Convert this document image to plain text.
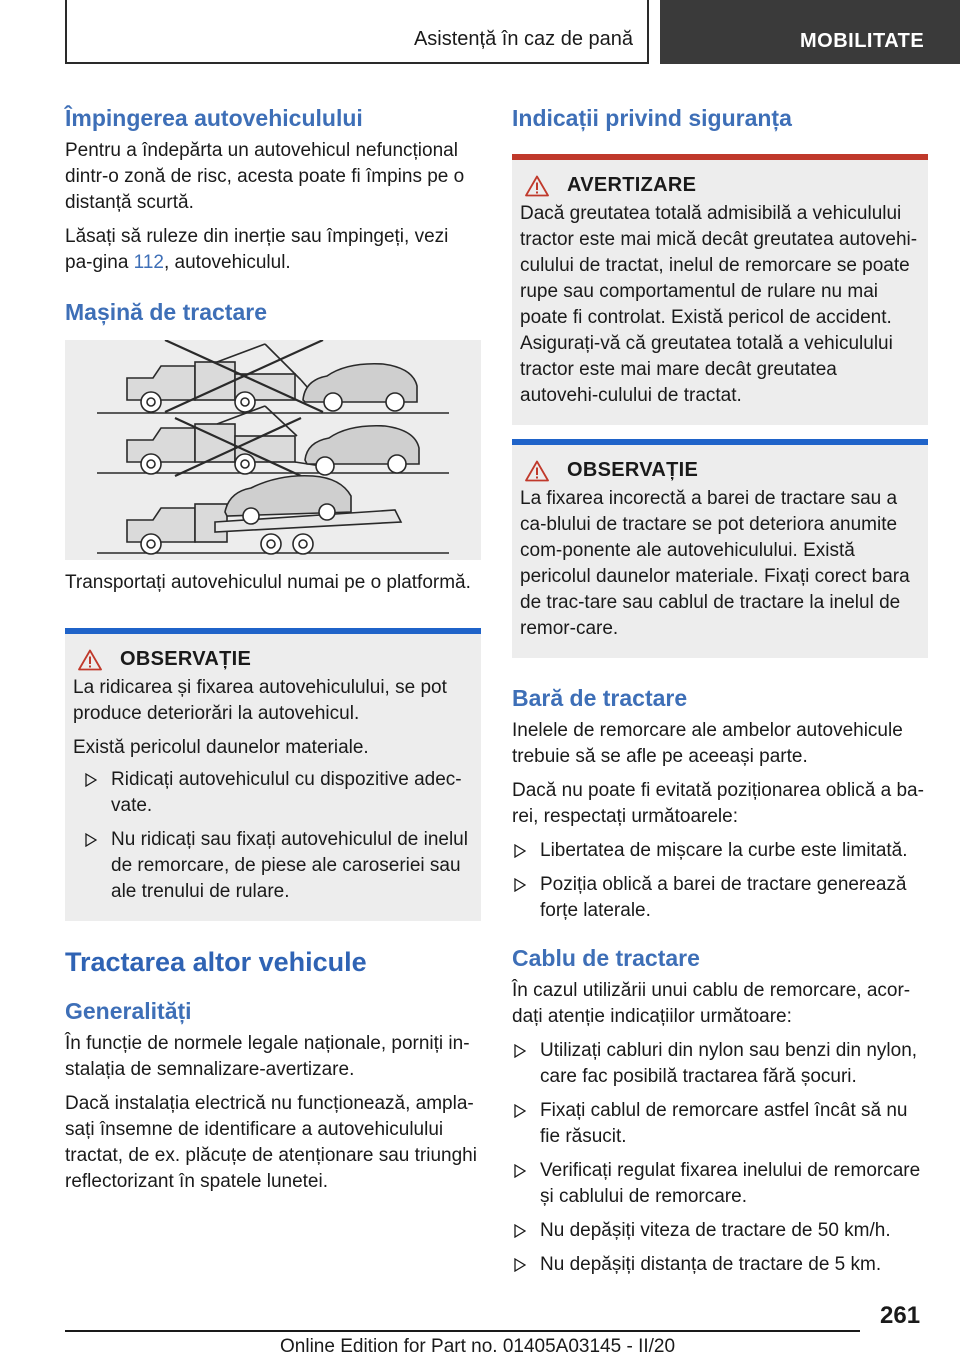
Asistență în caz de pană	MOBILITATE
Împingerea autovehiculului

Pentru a îndepărta un autovehicul nefuncțional dintr-o zonă de risc, acesta poate fi împins pe o distanță scurtă.

Lăsați să ruleze din inerție sau împingeți, vezi pa-gina 112, autovehiculul.

Mașină de tractare

Transportați autovehiculul numai pe o platformă.

OBSERVAȚIE

La ridicarea și fixarea autovehiculului, se pot produce deteriorări la autovehicul.

Există pericolul daunelor materiale.

Ridicați autovehiculul cu dispozitive adec-vate.
Nu ridicați sau fixați autovehiculul de inelul de remorcare, de piese ale caroseriei sau ale trenului de rulare.
Tractarea altor vehicule
Generalități

În funcție de normele legale naționale, porniți in-stalația de semnalizare-avertizare.

Dacă instalația electrică nu funcționează, ampla-sați însemne de identificare a autovehiculului tractat, de ex. plăcuțe de atenționare sau triunghi reflectorizant în spatele lunetei.

Indicații privind siguranța
AVERTIZARE

Dacă greutatea totală admisibilă a vehiculului tractor este mai mică decât greutatea autovehi-culului de tractat, inelul de remorcare se poate rupe sau comportamentul de rulare nu mai poate fi controlat. Există pericol de accident. Asigurați-vă că greutatea totală a vehiculului tractor este mai mare decât greutatea autovehi-culului de tractat.

OBSERVAȚIE

La fixarea incorectă a barei de tractare sau a ca-blului de tractare se pot deteriora anumite com-ponente ale autovehiculului. Există pericolul daunelor materiale. Fixați corect bara de trac-tare sau cablul de tractare la inelul de remor-care.

Bară de tractare

Inelele de remorcare ale ambelor autovehicule trebuie să se afle pe aceeași parte.

Dacă nu poate fi evitată poziționarea oblică a ba-rei, respectați următoarele:

Libertatea de mișcare la curbe este limitată.
Poziția oblică a barei de tractare generează forțe laterale.
Cablu de tractare

În cazul utilizării unui cablu de remorcare, acor-dați atenție indicațiilor următoare:

Utilizați cabluri din nylon sau benzi din nylon, care fac posibilă tractarea fără șocuri.
Fixați cablul de remorcare astfel încât să nu fie răsucit.
Verificați regulat fixarea inelului de remorcare și cablului de remorcare.
Nu depășiți viteza de tractare de 50 km/h.
Nu depășiți distanța de tractare de 5 km.
261
Online Edition for Part no. 01405A03145 - II/20
